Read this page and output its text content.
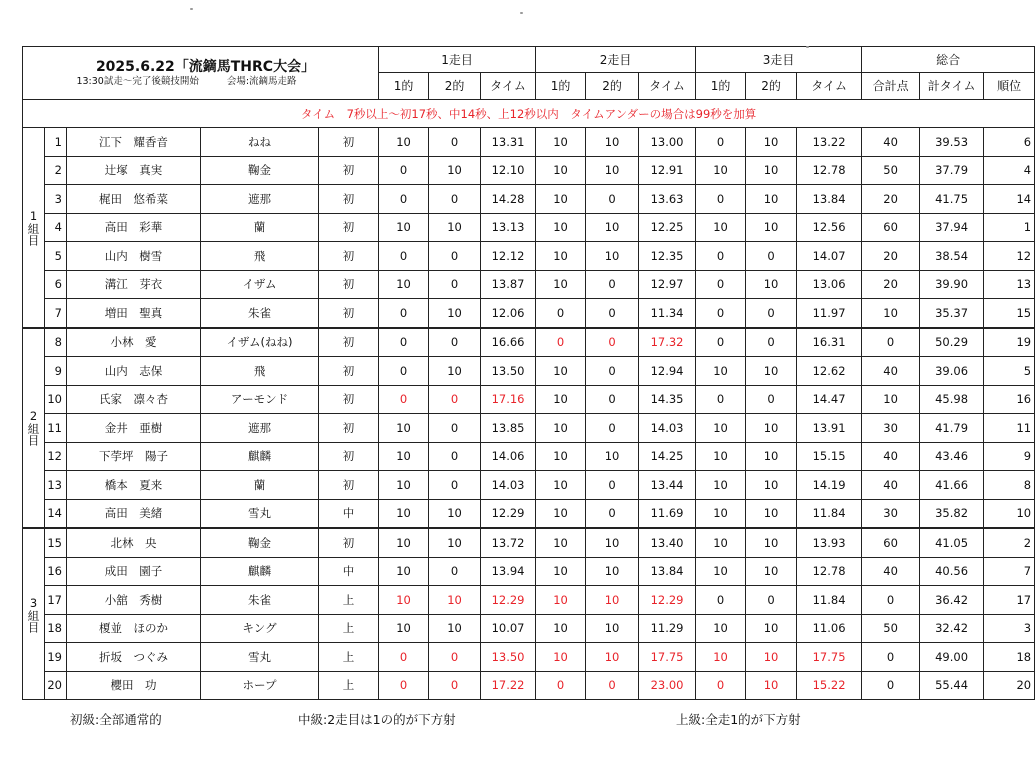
2025.6.22「流鏑馬THRC大会」
13:30試走～完了後競技開始 会場:流鏑馬走路					1走目			2走目			3走目			総合		
					1的	2的	タイム	1的	2的	タイム	1的	2的	タイム	合計点	計タイム	順位
タイム　7秒以上～初17秒、中14秒、上12秒以内　タイムアンダーの場合は99秒を加算																
1組目	1	江下　耀香音	ねね	初	10	0	13.31	10	10	13.00	0	10	13.22	40	39.53	6
	2	辻塚　真実	鞠金	初	0	10	12.10	10	10	12.91	10	10	12.78	50	37.79	4
	3	梶田　悠希菜	遮那	初	0	0	14.28	10	0	13.63	0	10	13.84	20	41.75	14
	4	高田　彩華	蘭	初	10	10	13.13	10	10	12.25	10	10	12.56	60	37.94	1
	5	山内　樹雪	飛	初	0	0	12.12	10	10	12.35	0	0	14.07	20	38.54	12
	6	溝江　芽衣	イザム	初	10	0	13.87	10	0	12.97	0	10	13.06	20	39.90	13
	7	増田　聖真	朱雀	初	0	10	12.06	0	0	11.34	0	0	11.97	10	35.37	15
2組目	8	小林　愛	イザム(ねね)	初	0	0	16.66	0	0	17.32	0	0	16.31	0	50.29	19
	9	山内　志保	飛	初	0	10	13.50	10	0	12.94	10	10	12.62	40	39.06	5
	10	氏家　凛々杏	アーモンド	初	0	0	17.16	10	0	14.35	0	0	14.47	10	45.98	16
	11	金井　亜樹	遮那	初	10	0	13.85	10	0	14.03	10	10	13.91	30	41.79	11
	12	下荢坪　陽子	麒麟	初	10	0	14.06	10	10	14.25	10	10	15.15	40	43.46	9
	13	橋本　夏来	蘭	初	10	0	14.03	10	0	13.44	10	10	14.19	40	41.66	8
	14	高田　美緒	雪丸	中	10	10	12.29	10	0	11.69	10	10	11.84	30	35.82	10
3組目	15	北林　央	鞠金	初	10	10	13.72	10	10	13.40	10	10	13.93	60	41.05	2
	16	成田　園子	麒麟	中	10	0	13.94	10	10	13.84	10	10	12.78	40	40.56	7
	17	小舘　秀樹	朱雀	上	10	10	12.29	10	10	12.29	0	0	11.84	0	36.42	17
	18	榎並　ほのか	キング	上	10	10	10.07	10	10	11.29	10	10	11.06	50	32.42	3
	19	折坂　つぐみ	雪丸	上	0	0	13.50	10	10	17.75	10	10	17.75	0	49.00	18
	20	櫻田　功	ホープ	上	0	0	17.22	0	0	23.00	0	10	15.22	0	55.44	20
初級:全部通常的	中級:2走目は1の的が下方射	上級:全走1的が下方射
